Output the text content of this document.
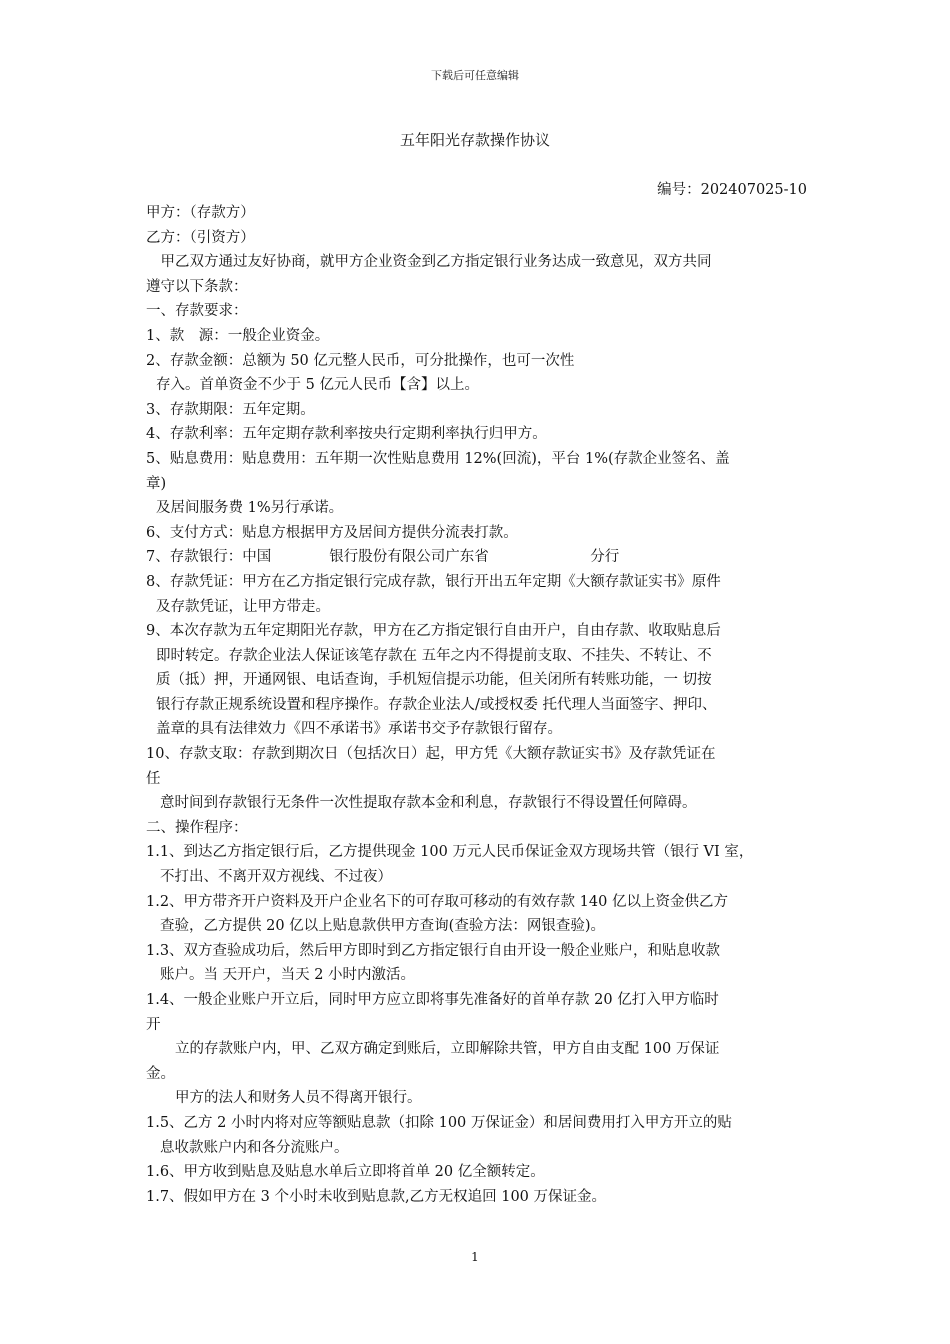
下载后可任意编辑
五年阳光存款操作协议
编号：202407025-10

甲方：（存款方）

乙方：（引资方）

　甲乙双方通过友好协商，就甲方企业资金到乙方指定银行业务达成一致意见，双方共同

遵守以下条款：

一、存款要求：

1、款　源：一般企业资金。

2、存款金额：总额为 50 亿元整人民币，可分批操作，也可一次性

存入。首单资金不少于 5 亿元人民币【含】以上。

3、存款期限：五年定期。

4、存款利率：五年定期存款利率按央行定期利率执行归甲方。

5、贴息费用：贴息费用：五年期一次性贴息费用 12%(回流)，平台 1%(存款企业签名、盖

章)

及居间服务费 1%另行承诺。

6、支付方式：贴息方根据甲方及居间方提供分流表打款。

7、存款银行：中国　　　　银行股份有限公司广东省　　　　　　　分行

8、存款凭证：甲方在乙方指定银行完成存款，银行开出五年定期《大额存款证实书》原件

及存款凭证，让甲方带走。

9、本次存款为五年定期阳光存款，甲方在乙方指定银行自由开户，自由存款、收取贴息后

即时转定。存款企业法人保证该笔存款在 五年之内不得提前支取、不挂失、不转让、不

质（抵）押，开通网银、电话查询，手机短信提示功能，但关闭所有转账功能，一 切按

银行存款正规系统设置和程序操作。存款企业法人/或授权委 托代理人当面签字、押印、

盖章的具有法律效力《四不承诺书》承诺书交予存款银行留存。

10、存款支取：存款到期次日（包括次日）起，甲方凭《大额存款证实书》及存款凭证在

任

意时间到存款银行无条件一次性提取存款本金和利息，存款银行不得设置任何障碍。

二、操作程序：

1.1、到达乙方指定银行后，乙方提供现金 100 万元人民币保证金双方现场共管（银行 VI 室，

不打出、不离开双方视线、不过夜）

1.2、甲方带齐开户资料及开户企业名下的可存取可移动的有效存款 140 亿以上资金供乙方

查验，乙方提供 20 亿以上贴息款供甲方查询(查验方法：网银查验)。

1.3、双方查验成功后，然后甲方即时到乙方指定银行自由开设一般企业账户，和贴息收款

账户。当 天开户，当天 2 小时内激活。

1.4、一般企业账户开立后，同时甲方应立即将事先准备好的首单存款 20 亿打入甲方临时

开

　　立的存款账户内，甲、乙双方确定到账后，立即解除共管，甲方自由支配 100 万保证

金。

　　甲方的法人和财务人员不得离开银行。

1.5、乙方 2 小时内将对应等额贴息款（扣除 100 万保证金）和居间费用打入甲方开立的贴

息收款账户内和各分流账户。

1.6、甲方收到贴息及贴息水单后立即将首单 20 亿全额转定。

1.7、假如甲方在 3 个小时未收到贴息款,乙方无权追回 100 万保证金。

1
